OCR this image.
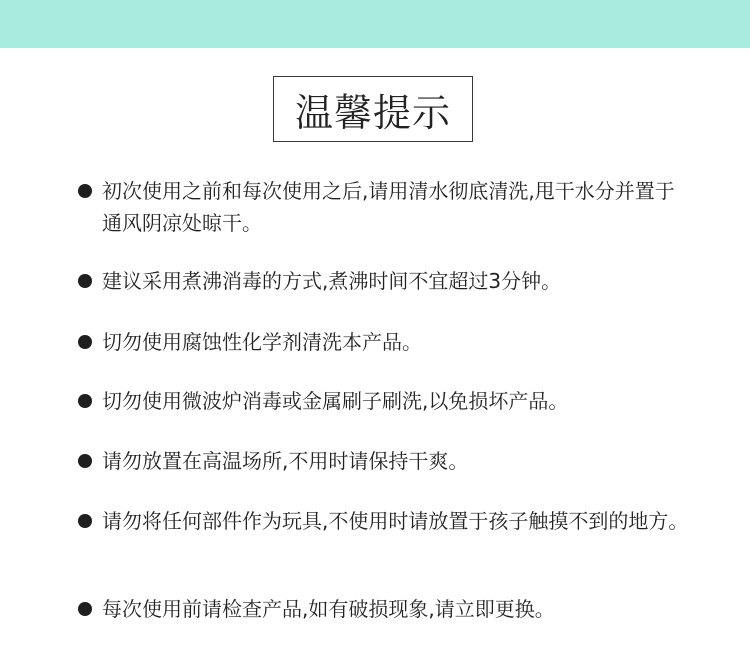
温馨提示
初次使用之前和每次使用之后,请用清水彻底清洗,甩干水分并置于通风阴凉处晾干。
建议采用煮沸消毒的方式,煮沸时间不宜超过3分钟。
切勿使用腐蚀性化学剂清洗本产品。
切勿使用微波炉消毒或金属刷子刷洗,以免损坏产品。
请勿放置在高温场所,不用时请保持干爽。
请勿将任何部件作为玩具,不使用时请放置于孩子触摸不到的地方。
每次使用前请检查产品,如有破损现象,请立即更换。
